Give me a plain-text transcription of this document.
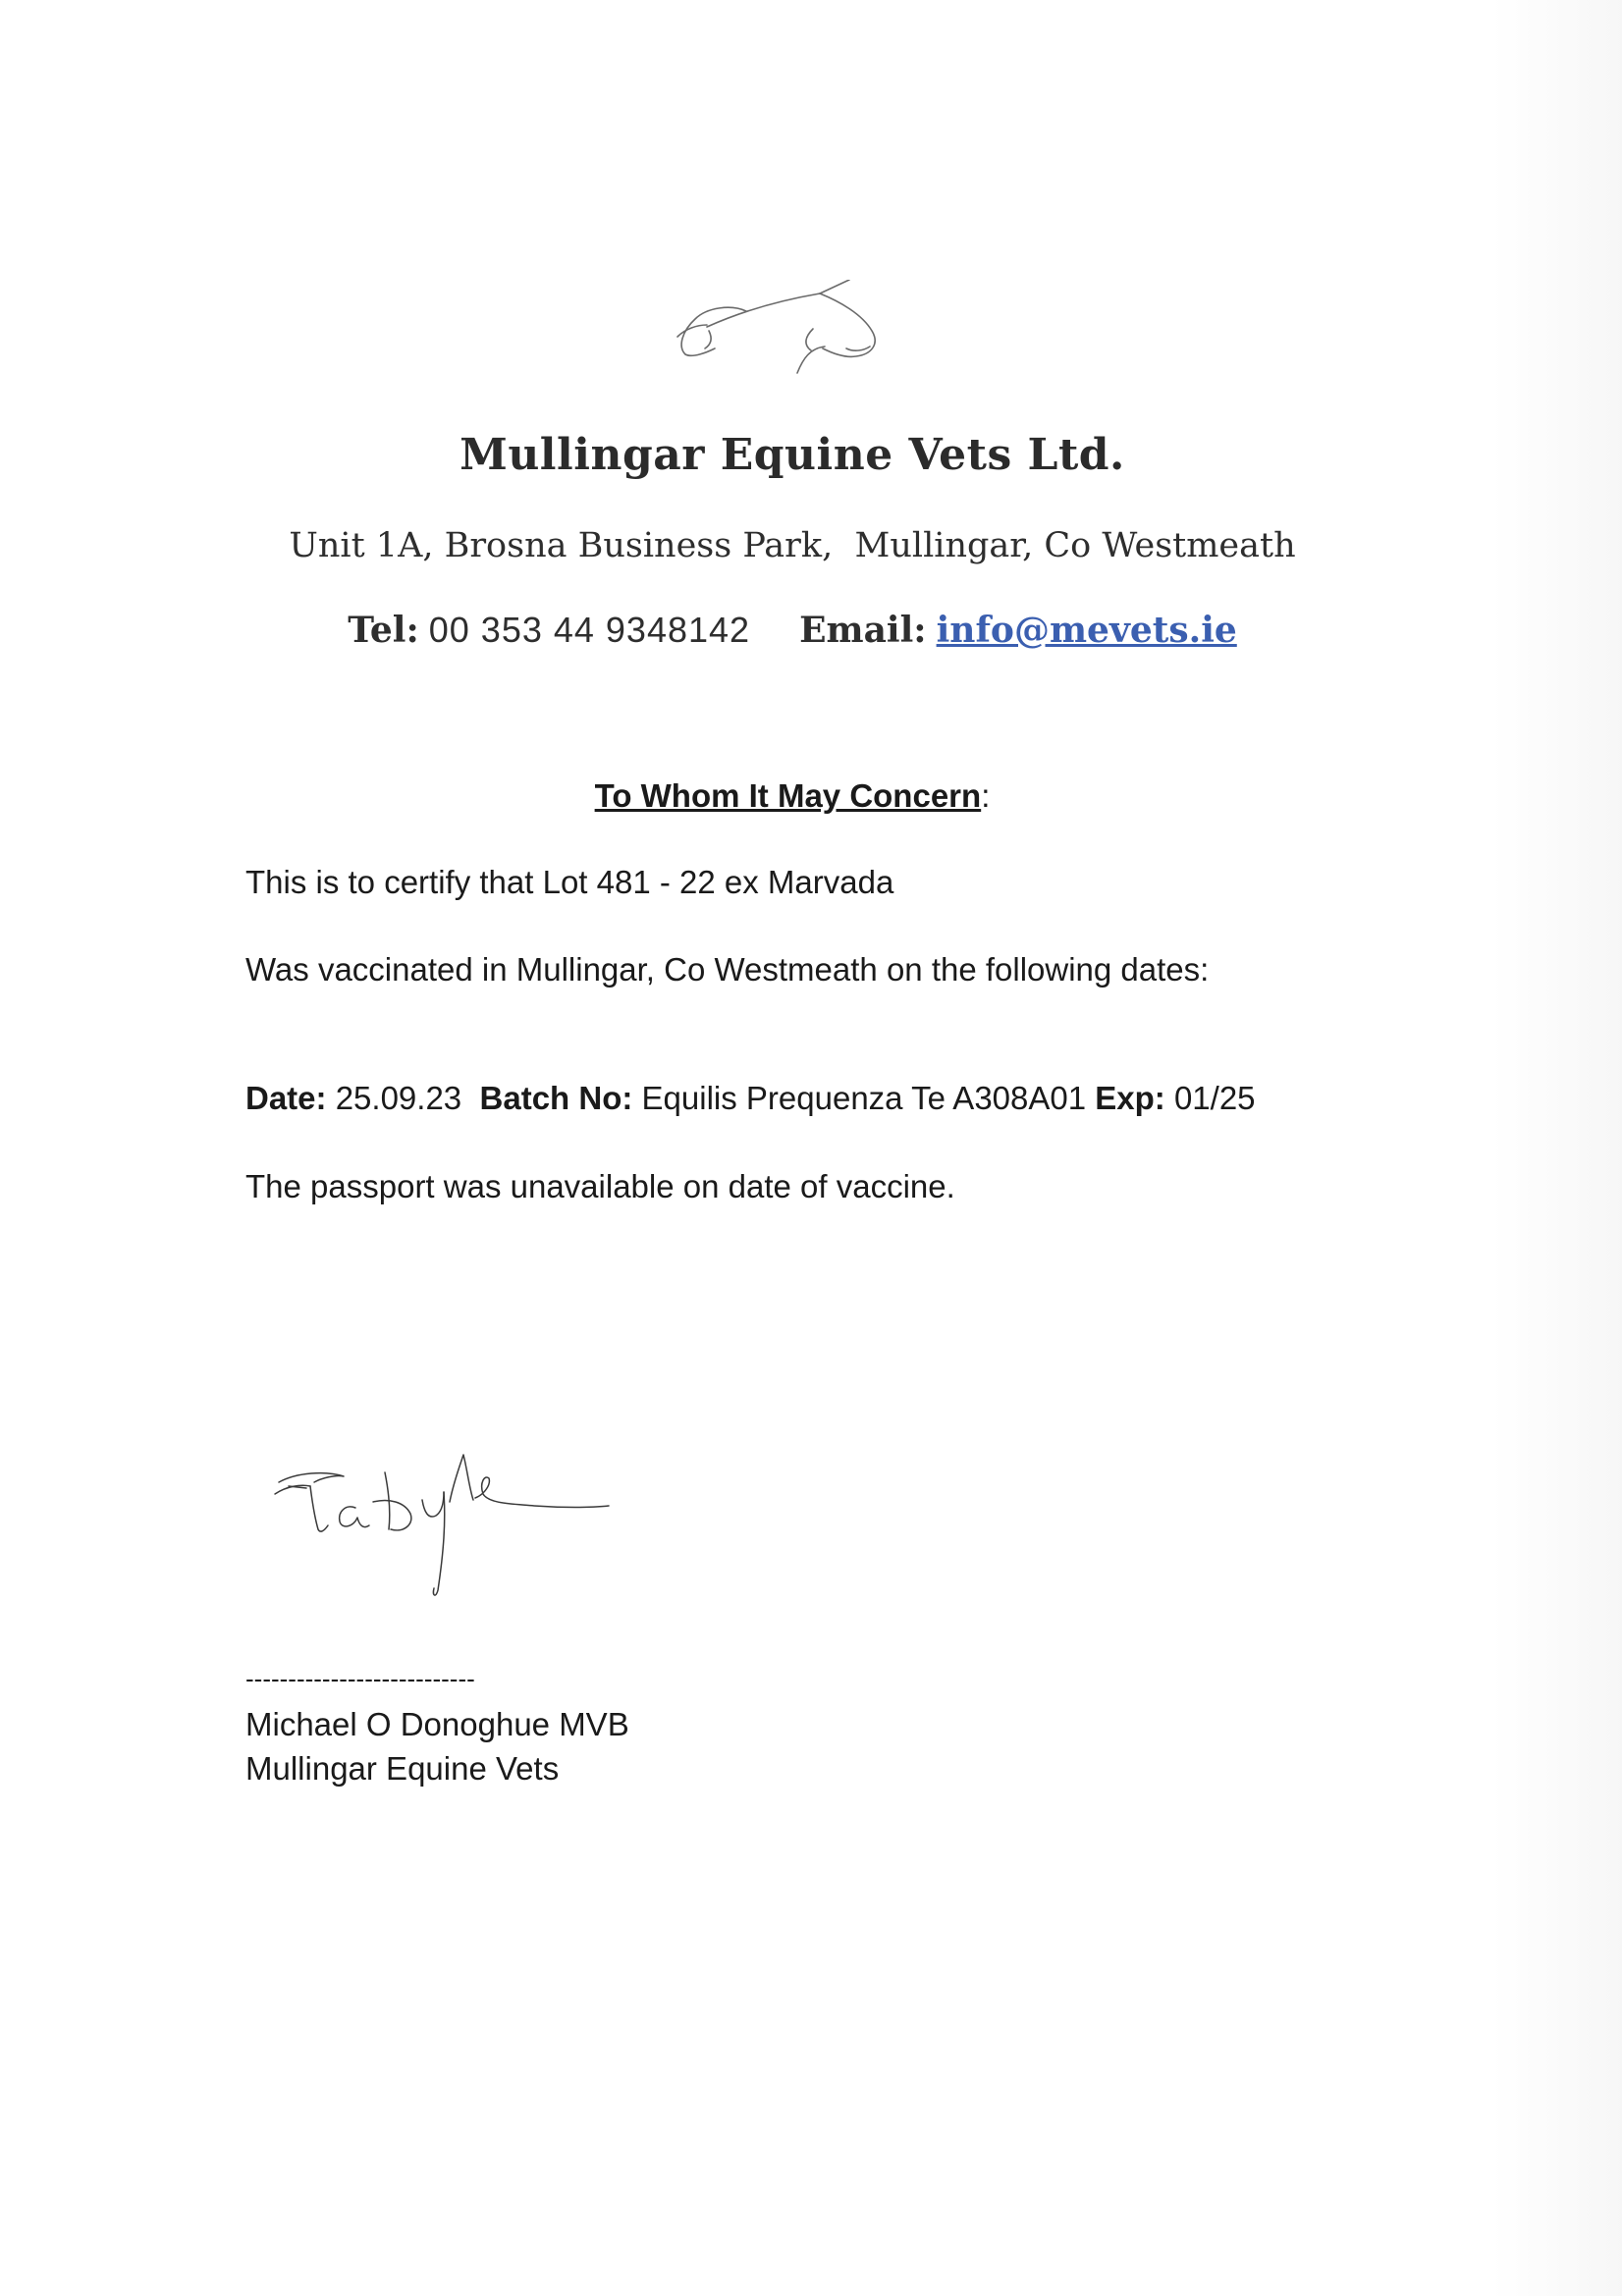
Mullingar Equine Vets Ltd.
Unit 1A, Brosna Business Park,  Mullingar, Co Westmeath
Tel: 00 353 44 9348142 Email: info@mevets.ie
To Whom It May Concern:
This is to certify that Lot 481 - 22 ex Marvada
Was vaccinated in Mullingar, Co Westmeath on the following dates:
Date: 25.09.23 Batch No: Equilis Prequenza Te A308A01 Exp: 01/25
The passport was unavailable on date of vaccine.
---------------------------
Michael O Donoghue MVB
Mullingar Equine Vets
